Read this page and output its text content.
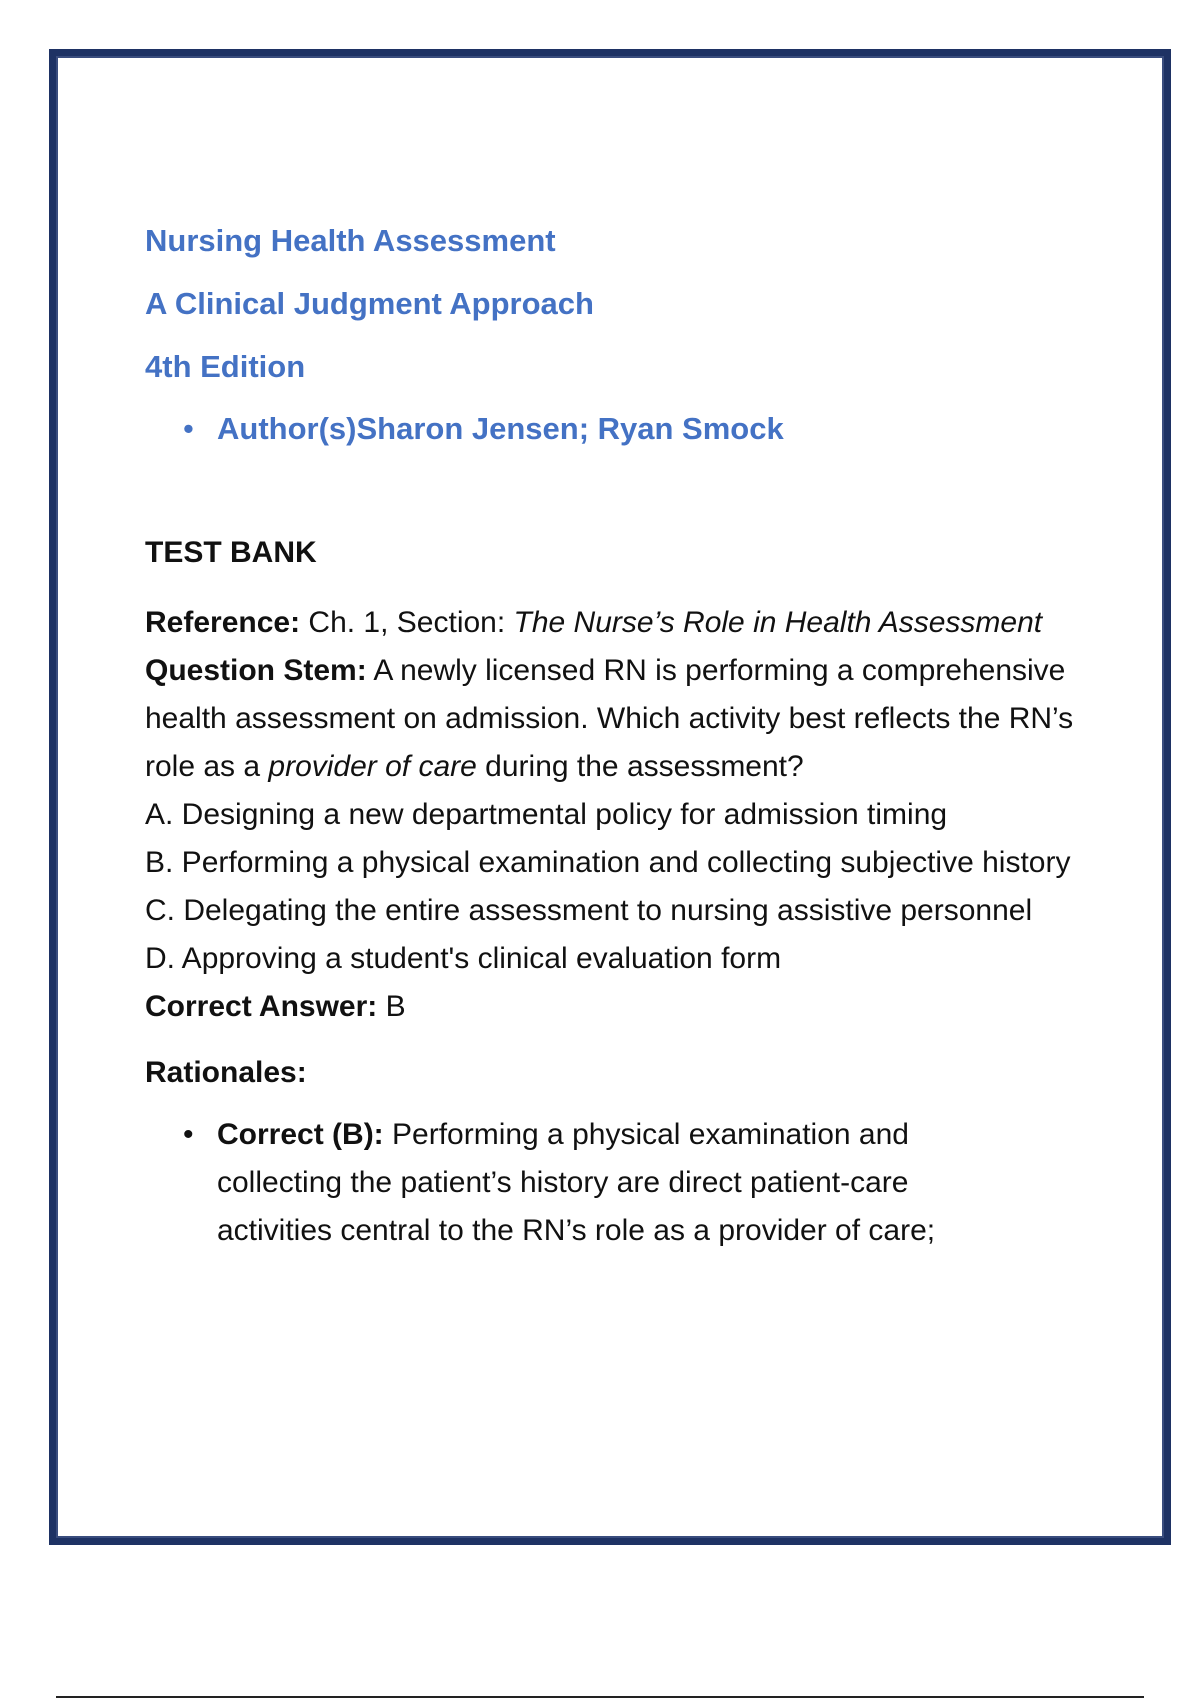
Nursing Health Assessment

A Clinical Judgment Approach

4th Edition

• Author(s)Sharon Jensen; Ryan Smock
TEST BANK

Reference: Ch. 1, Section: The Nurse’s Role in Health Assessment

Question Stem: A newly licensed RN is performing a comprehensive health assessment on admission. Which activity best reflects the RN’s role as a provider of care during the assessment?

A. Designing a new departmental policy for admission timing

B. Performing a physical examination and collecting subjective history

C. Delegating the entire assessment to nursing assistive personnel

D. Approving a student's clinical evaluation form

Correct Answer: B

Rationales:
• Correct (B): Performing a physical examination and collecting the patient’s history are direct patient-care activities central to the RN’s role as a provider of care;
